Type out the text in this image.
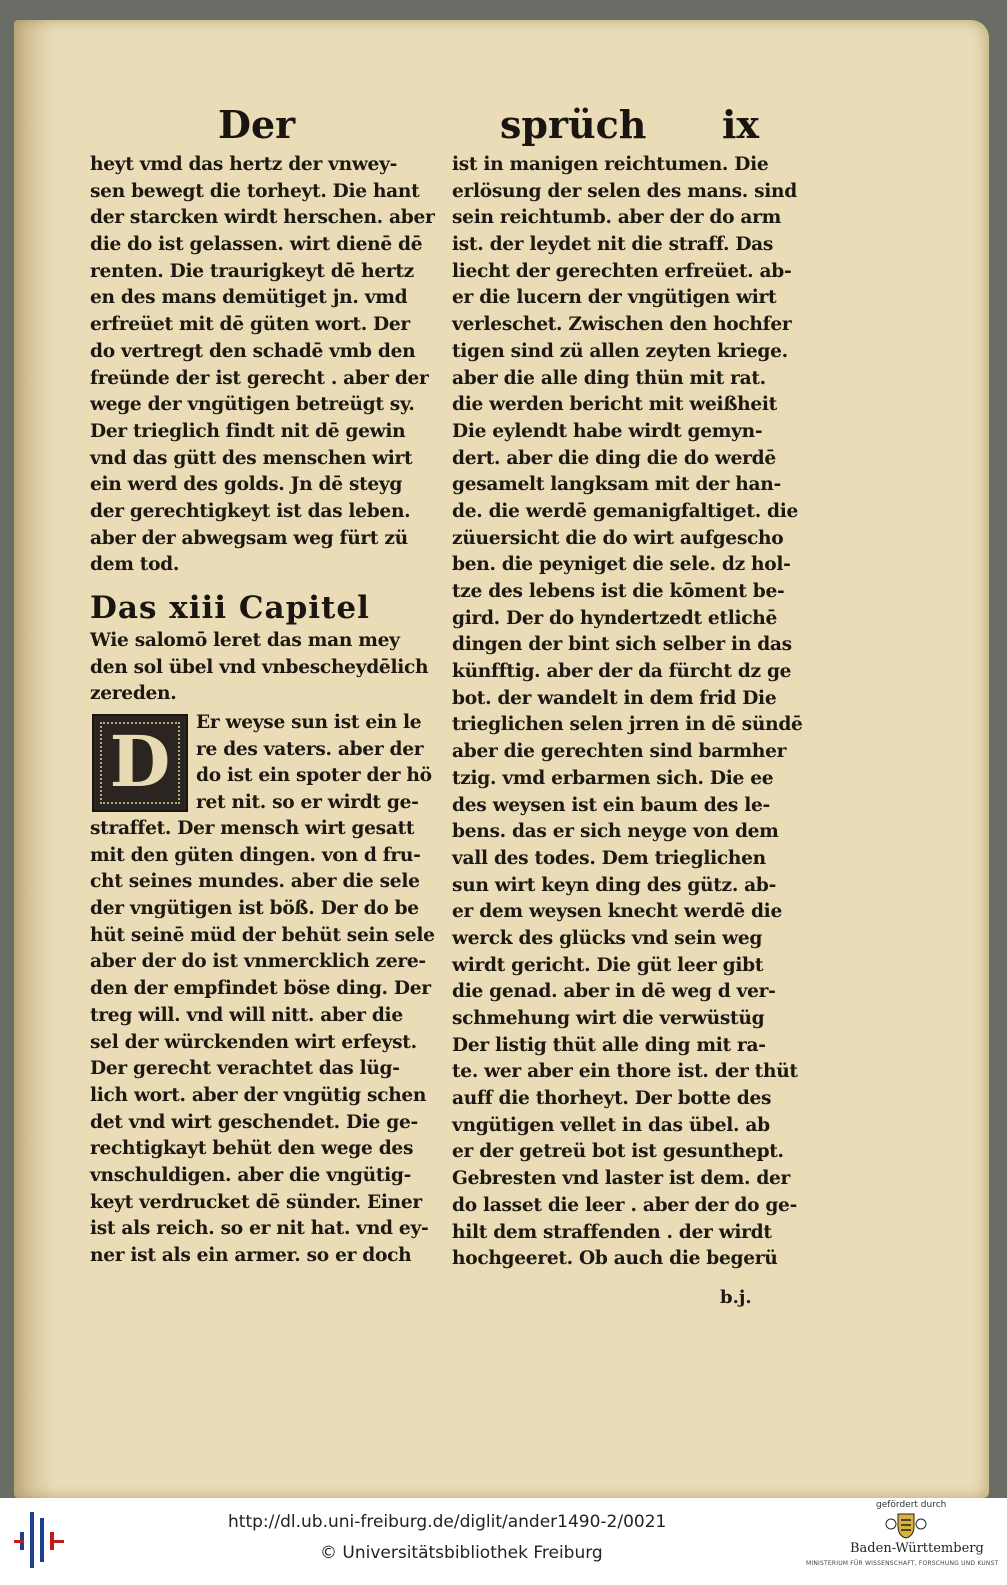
Der	sprüch ix
heyt vmd das hertz der vnwey-
sen bewegt die torheyt. Die hant
der starcken wirdt herschen. aber
die do ist gelassen. wirt dienē dē
renten. Die traurigkeyt dē hertz
en des mans demütiget jn. vmd
erfreüet mit dē güten wort. Der
do vertregt den schadē vmb den
freünde der ist gerecht . aber der
wege der vngütigen betreügt sy.
Der trieglich findt nit dē gewin
vnd das gütt des menschen wirt
ein werd des golds. Jn dē steyg
der gerechtigkeyt ist das leben.
aber der abwegsam weg fürt zü
dem tod.
Das xiii Capitel
Wie salomō leret das man mey
den sol übel vnd vnbescheydēlich
zereden.
D	Er weyse sun ist ein le
re des vaters. aber der
do ist ein spoter der hö
ret nit. so er wirdt ge-
straffet. Der mensch wirt gesatt
mit den güten dingen. von d fru-
cht seines mundes. aber die sele
der vngütigen ist böß. Der do be
hüt seinē müd der behüt sein sele
aber der do ist vnmercklich zere-
den der empfindet böse ding. Der
treg will. vnd will nitt. aber die
sel der würckenden wirt erfeyst.
Der gerecht verachtet das lüg-
lich wort. aber der vngütig schen
det vnd wirt geschendet. Die ge-
rechtigkayt behüt den wege des
vnschuldigen. aber die vngütig-
keyt verdrucket dē sünder. Einer
ist als reich. so er nit hat. vnd ey-
ner ist als ein armer. so er doch
ist in manigen reichtumen. Die
erlösung der selen des mans. sind
sein reichtumb. aber der do arm
ist. der leydet nit die straff. Das
liecht der gerechten erfreüet. ab-
er die lucern der vngütigen wirt
verleschet. Zwischen den hochfer
tigen sind zü allen zeyten kriege.
aber die alle ding thün mit rat.
die werden bericht mit weißheit
Die eylendt habe wirdt gemyn-
dert. aber die ding die do werdē
gesamelt langksam mit der han-
de. die werdē gemanigfaltiget. die
züuersicht die do wirt aufgescho
ben. die peyniget die sele. dz hol-
tze des lebens ist die kōment be-
gird. Der do hyndertzedt etlichē
dingen der bint sich selber in das
künfftig. aber der da fürcht dz ge
bot. der wandelt in dem frid Die
trieglichen selen jrren in dē sündē
aber die gerechten sind barmher
tzig. vmd erbarmen sich. Die ee
des weysen ist ein baum des le-
bens. das er sich neyge von dem
vall des todes. Dem trieglichen
sun wirt keyn ding des gütz. ab-
er dem weysen knecht werdē die
werck des glücks vnd sein weg
wirdt gericht. Die güt leer gibt
die genad. aber in dē weg d ver-
schmehung wirt die verwüstüg
Der listig thüt alle ding mit ra-
te. wer aber ein thore ist. der thüt
auff die thorheyt. Der botte des
vngütigen vellet in das übel. ab
er der getreü bot ist gesunthept.
Gebresten vnd laster ist dem. der
do lasset die leer . aber der do ge-
hilt dem straffenden . der wirdt
hochgeeret. Ob auch die begerü
b.j.
http://dl.ub.uni-freiburg.de/diglit/ander1490-2/0021
© Universitätsbibliothek Freiburg
gefördert durch
Baden-Württemberg
MINISTERIUM FÜR WISSENSCHAFT, FORSCHUNG UND KUNST
